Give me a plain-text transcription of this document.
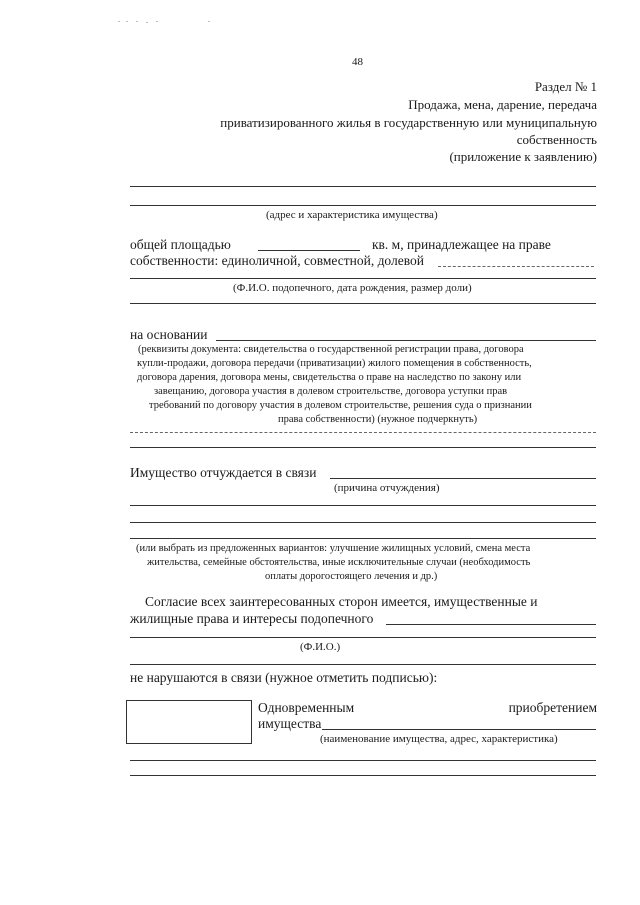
48
Раздел № 1
Продажа, мена, дарение, передача
приватизированного жилья в государственную или муниципальную
собственность
(приложение к заявлению)
(адрес и характеристика имущества)
общей площадью	кв. м, принадлежащее на праве
собственности: единоличной, совместной, долевой
(Ф.И.О. подопечного, дата рождения, размер доли)
на основании
(реквизиты документа: свидетельства о государственной регистрации права, договора
купли-продажи, договора передачи (приватизации) жилого помещения в собственность,
договора дарения, договора мены, свидетельства о праве на наследство по закону или
завещанию, договора участия в долевом строительстве, договора уступки прав
требований по договору участия в долевом строительстве, решения суда о признании
права собственности) (нужное подчеркнуть)
Имущество отчуждается в связи
(причина отчуждения)
(или выбрать из предложенных вариантов: улучшение жилищных условий, смена места
жительства, семейные обстоятельства, иные исключительные случаи (необходимость
оплаты дорогостоящего лечения и др.)
Согласие всех заинтересованных сторон имеется, имущественные и
жилищные права и интересы подопечного
(Ф.И.О.)
не нарушаются в связи (нужное отметить подписью):
Одновременным	приобретением
имущества
(наименование имущества, адрес, характеристика)
